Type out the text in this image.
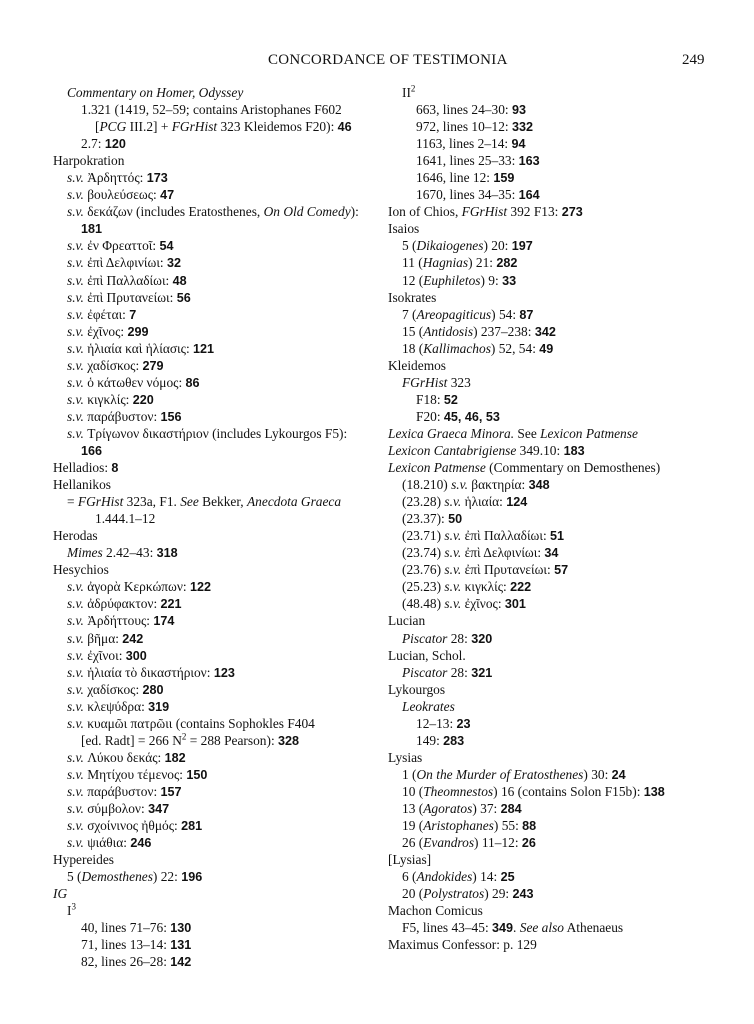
CONCORDANCE OF TESTIMONIA	249
Commentary on Homer, Odyssey
1.321 (1419, 52–59; contains Aristophanes F602
[PCG III.2] + FGrHist 323 Kleidemos F20): 46
2.7: 120
Harpokration
s.v. Ἀρδηττός: 173
s.v. βουλεύσεως: 47
s.v. δεκάζων (includes Eratosthenes, On Old Comedy):
181
s.v. ἐν Φρεαττοῖ: 54
s.v. ἐπὶ Δελφινίωι: 32
s.v. ἐπὶ Παλλαδίωι: 48
s.v. ἐπὶ Πρυτανείωι: 56
s.v. ἐφέται: 7
s.v. ἐχῖνος: 299
s.v. ἡλιαία καὶ ἡλίασις: 121
s.v. χαδίσκος: 279
s.v. ὁ κάτωθεν νόμος: 86
s.v. κιγκλίς: 220
s.v. παράβυστον: 156
s.v. Τρίγωνον δικαστήριον (includes Lykourgos F5):
166
Helladios: 8
Hellanikos
= FGrHist 323a, F1. See Bekker, Anecdota Graeca
1.444.1–12
Herodas
Mimes 2.42–43: 318
Hesychios
s.v. ἀγορὰ Κερκώπων: 122
s.v. ἀδρύφακτον: 221
s.v. Ἀρδήττους: 174
s.v. βῆμα: 242
s.v. ἐχῖνοι: 300
s.v. ἡλιαία τὸ δικαστήριον: 123
s.v. χαδίσκος: 280
s.v. κλεψύδρα: 319
s.v. κυαμῶι πατρῶιι (contains Sophokles F404
[ed. Radt] = 266 $N^2 = 288$ Pearson): 328
s.v. Λύκου δεκάς: 182
s.v. Μητίχου τέμενος: 150
s.v. παράβυστον: 157
s.v. σύμβολον: 347
s.v. σχοίνινος ἠθμός: 281
s.v. ψιάθια: 246
Hypereides
5 (Demosthenes) 22: 196
IG
$I^3$
40, lines 71–76: 130
71, lines 13–14: 131
82, lines 26–28: 142
$II^2$
663, lines 24–30: 93
972, lines 10–12: 332
1163, lines 2–14: 94
1641, lines 25–33: 163
1646, line 12: 159
1670, lines 34–35: 164
Ion of Chios, FGrHist 392 F13: 273
Isaios
5 (Dikaiogenes) 20: 197
11 (Hagnias) 21: 282
12 (Euphiletos) 9: 33
Isokrates
7 (Areopagiticus) 54: 87
15 (Antidosis) 237–238: 342
18 (Kallimachos) 52, 54: 49
Kleidemos
FGrHist 323
F18: 52
F20: 45, 46, 53
Lexica Graeca Minora. See Lexicon Patmense
Lexicon Cantabrigiense 349.10: 183
Lexicon Patmense (Commentary on Demosthenes)
(18.210) s.v. βακτηρία: 348
(23.28) s.v. ἡλιαία: 124
(23.37): 50
(23.71) s.v. ἐπὶ Παλλαδίωι: 51
(23.74) s.v. ἐπὶ Δελφινίωι: 34
(23.76) s.v. ἐπὶ Πρυτανείωι: 57
(25.23) s.v. κιγκλίς: 222
(48.48) s.v. ἐχῖνος: 301
Lucian
Piscator 28: 320
Lucian, Schol.
Piscator 28: 321
Lykourgos
Leokrates
12–13: 23
149: 283
Lysias
1 (On the Murder of Eratosthenes) 30: 24
10 (Theomnestos) 16 (contains Solon F15b): 138
13 (Agoratos) 37: 284
19 (Aristophanes) 55: 88
26 (Evandros) 11–12: 26
[Lysias]
6 (Andokides) 14: 25
20 (Polystratos) 29: 243
Machon Comicus
F5, lines 43–45: 349. See also Athenaeus
Maximus Confessor: p. 129
